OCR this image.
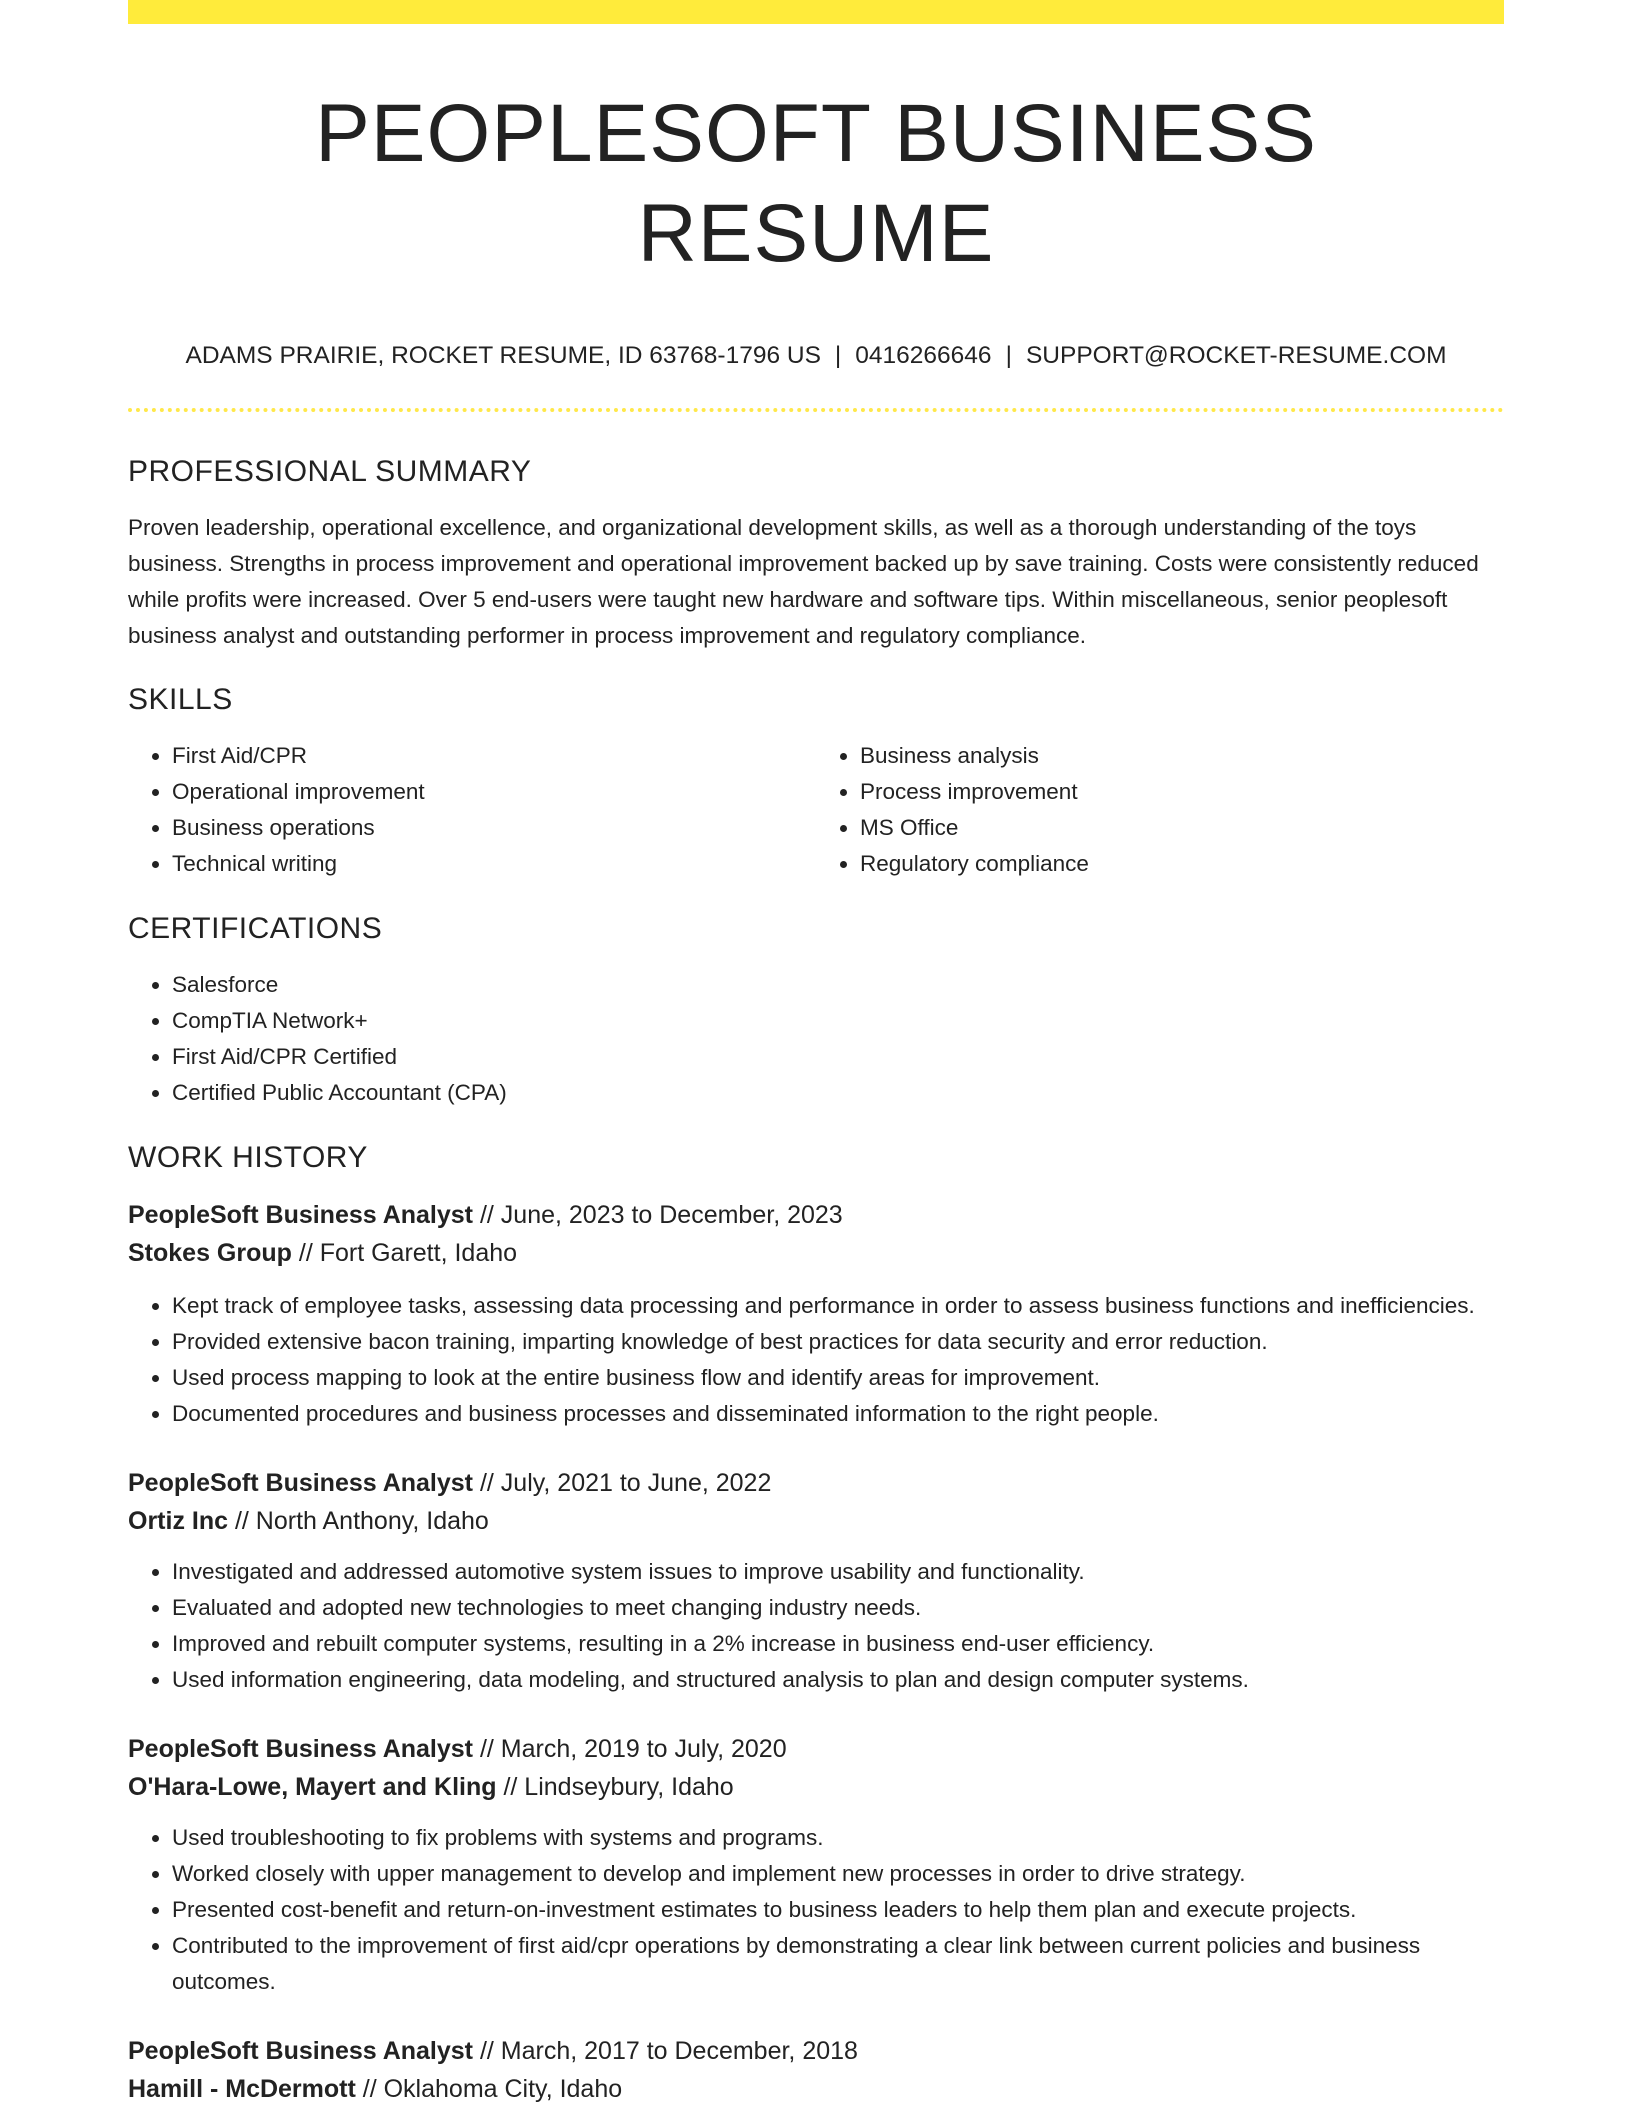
PEOPLESOFT BUSINESS RESUME
ADAMS PRAIRIE, ROCKET RESUME, ID 63768-1796 US | 0416266646 | SUPPORT@ROCKET-RESUME.COM
PROFESSIONAL SUMMARY

Proven leadership, operational excellence, and organizational development skills, as well as a thorough understanding of the toys business. Strengths in process improvement and operational improvement backed up by save training. Costs were consistently reduced while profits were increased. Over 5 end-users were taught new hardware and software tips. Within miscellaneous, senior peoplesoft business analyst and outstanding performer in process improvement and regulatory compliance.

SKILLS
• First Aid/CPR
• Operational improvement
• Business operations
• Technical writing
• Business analysis
• Process improvement
• MS Office
• Regulatory compliance
CERTIFICATIONS
• Salesforce
• CompTIA Network+
• First Aid/CPR Certified
• Certified Public Accountant (CPA)
WORK HISTORY
PeopleSoft Business Analyst // June, 2023 to December, 2023
Stokes Group // Fort Garett, Idaho
• Kept track of employee tasks, assessing data processing and performance in order to assess business functions and inefficiencies.
• Provided extensive bacon training, imparting knowledge of best practices for data security and error reduction.
• Used process mapping to look at the entire business flow and identify areas for improvement.
• Documented procedures and business processes and disseminated information to the right people.
PeopleSoft Business Analyst // July, 2021 to June, 2022
Ortiz Inc // North Anthony, Idaho
• Investigated and addressed automotive system issues to improve usability and functionality.
• Evaluated and adopted new technologies to meet changing industry needs.
• Improved and rebuilt computer systems, resulting in a 2% increase in business end-user efficiency.
• Used information engineering, data modeling, and structured analysis to plan and design computer systems.
PeopleSoft Business Analyst // March, 2019 to July, 2020
O'Hara-Lowe, Mayert and Kling // Lindseybury, Idaho
• Used troubleshooting to fix problems with systems and programs.
• Worked closely with upper management to develop and implement new processes in order to drive strategy.
• Presented cost-benefit and return-on-investment estimates to business leaders to help them plan and execute projects.
• Contributed to the improvement of first aid/cpr operations by demonstrating a clear link between current policies and business outcomes.
PeopleSoft Business Analyst // March, 2017 to December, 2018
Hamill - McDermott // Oklahoma City, Idaho
